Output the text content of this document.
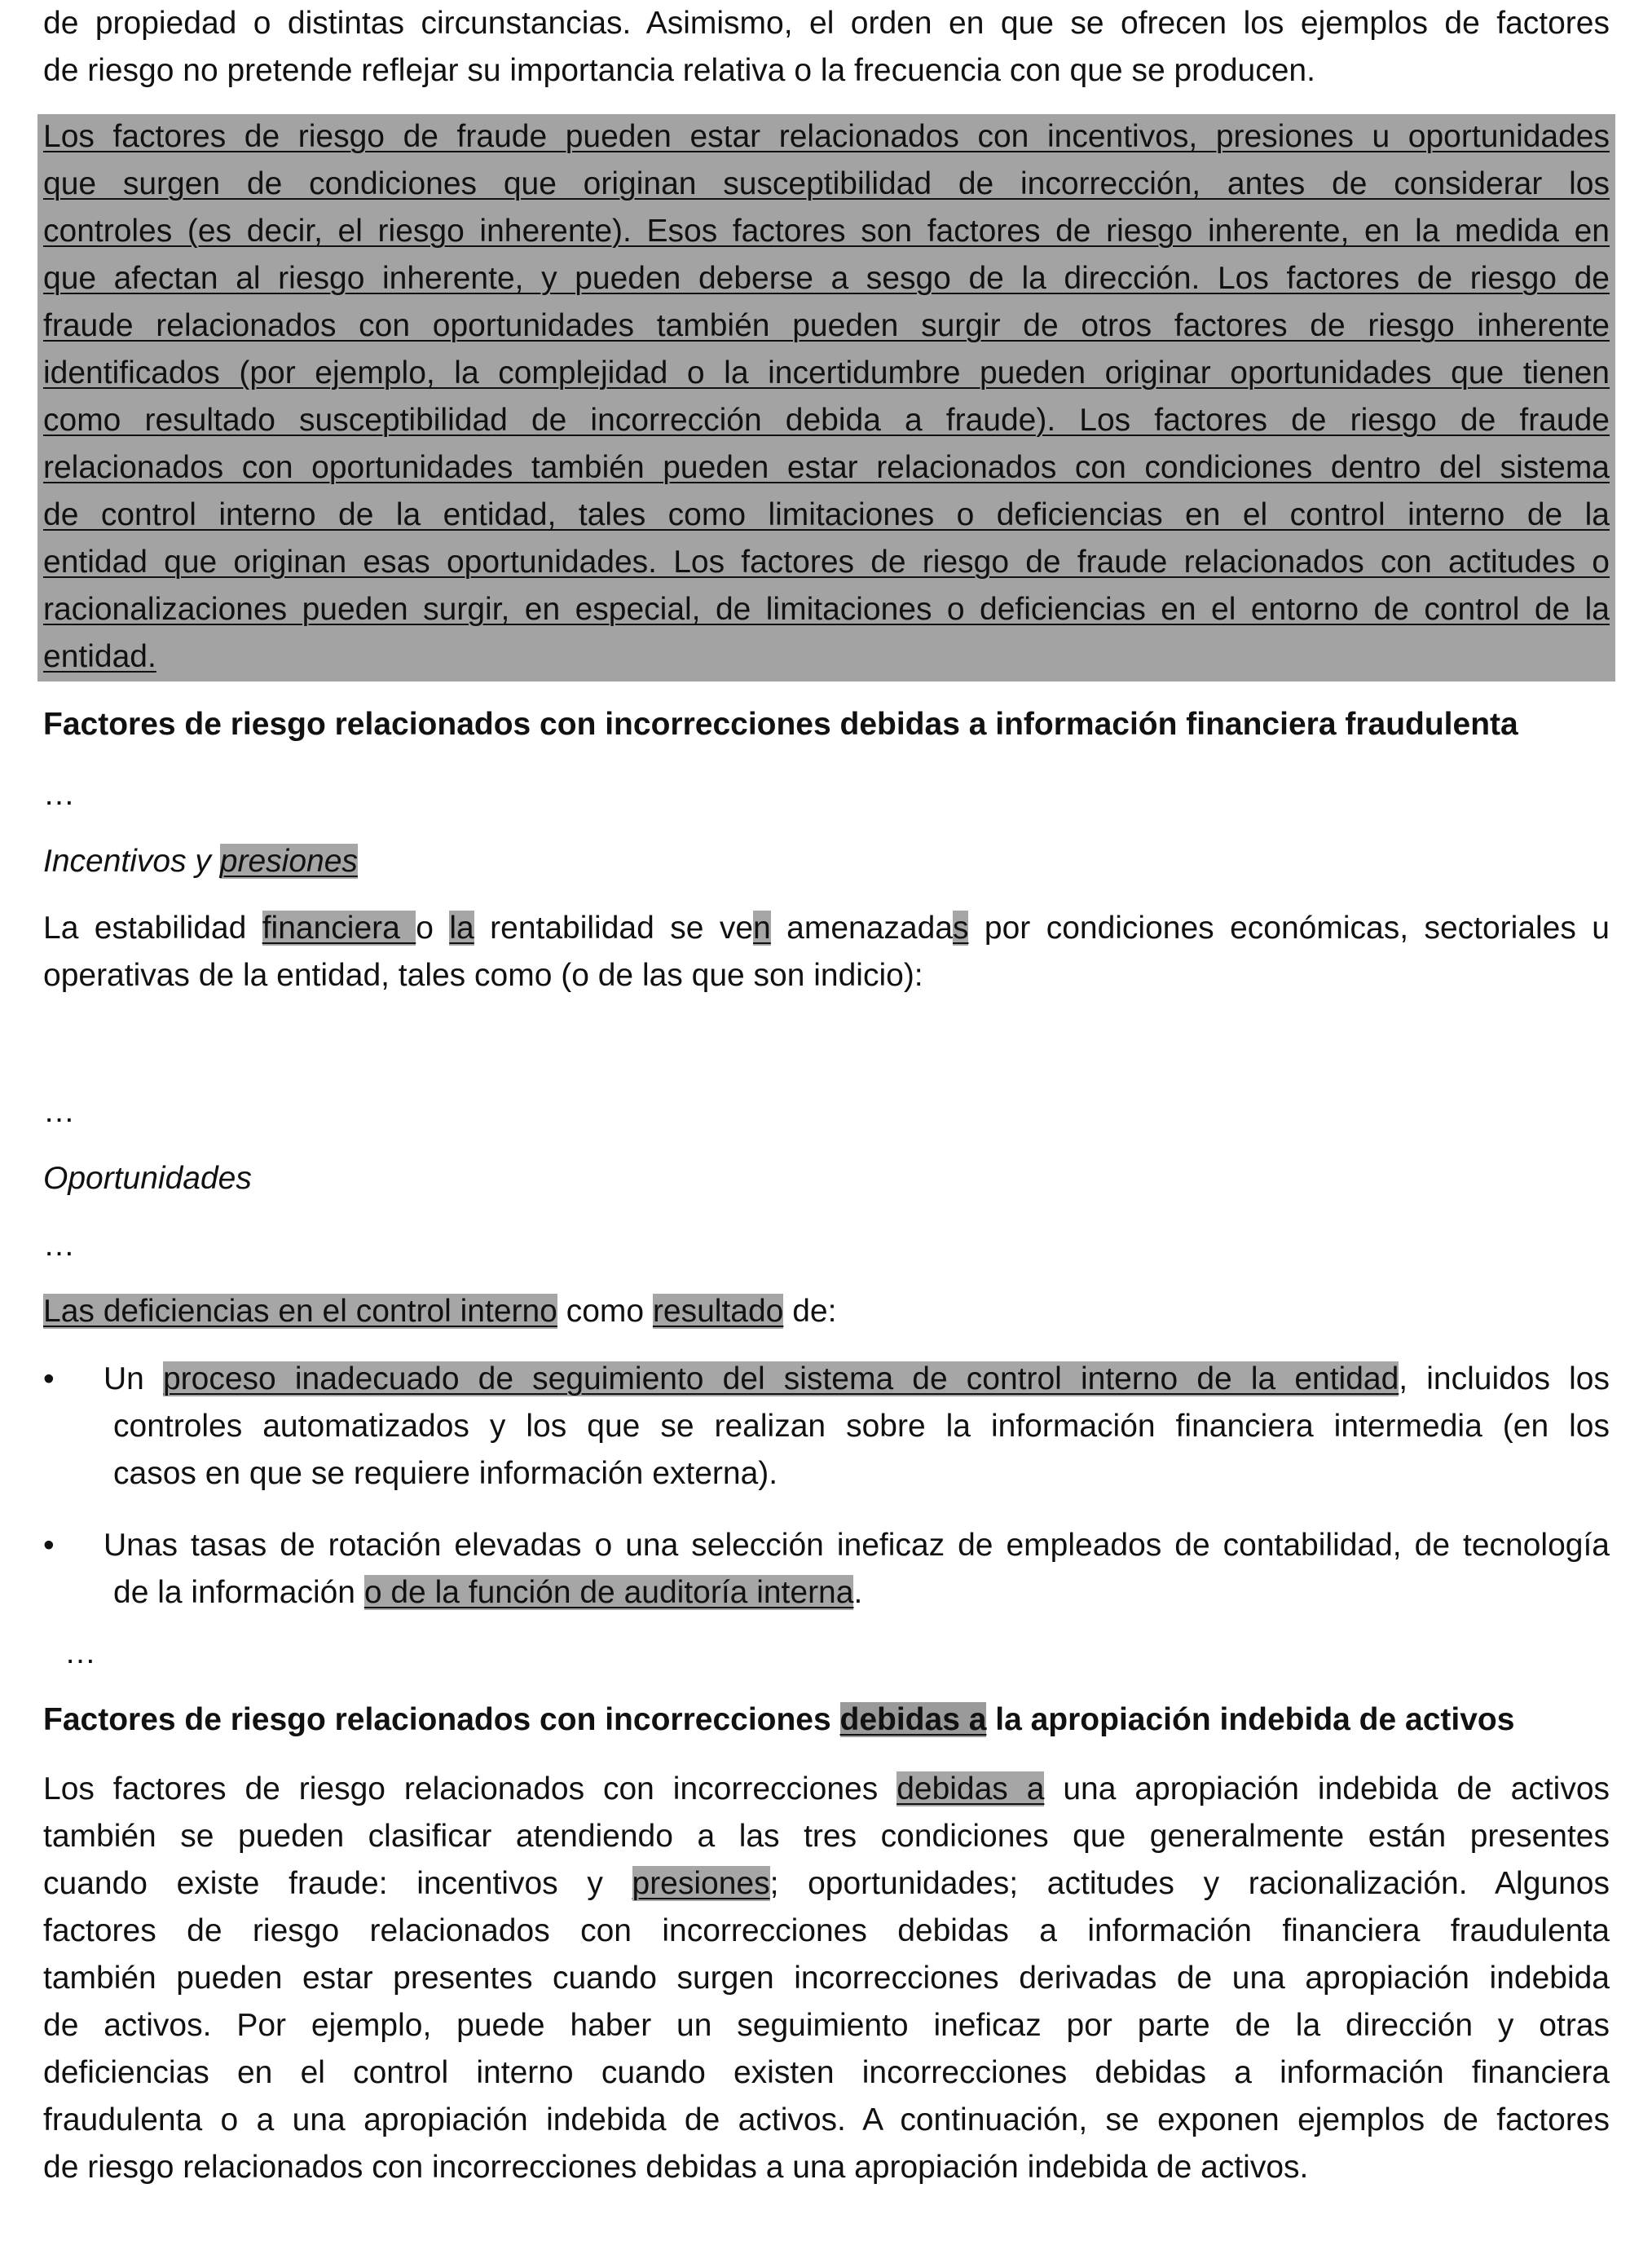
de propiedad o distintas circunstancias. Asimismo, el orden en que se ofrecen los ejemplos de factores
de riesgo no pretende reflejar su importancia relativa o la frecuencia con que se producen.
Los factores de riesgo de fraude pueden estar relacionados con incentivos, presiones u oportunidades
que surgen de condiciones que originan susceptibilidad de incorrección, antes de considerar los
controles (es decir, el riesgo inherente). Esos factores son factores de riesgo inherente, en la medida en
que afectan al riesgo inherente, y pueden deberse a sesgo de la dirección. Los factores de riesgo de
fraude relacionados con oportunidades también pueden surgir de otros factores de riesgo inherente
identificados (por ejemplo, la complejidad o la incertidumbre pueden originar oportunidades que tienen
como resultado susceptibilidad de incorrección debida a fraude). Los factores de riesgo de fraude
relacionados con oportunidades también pueden estar relacionados con condiciones dentro del sistema
de control interno de la entidad, tales como limitaciones o deficiencias en el control interno de la
entidad que originan esas oportunidades. Los factores de riesgo de fraude relacionados con actitudes o
racionalizaciones pueden surgir, en especial, de limitaciones o deficiencias en el entorno de control de la
entidad.
Factores de riesgo relacionados con incorrecciones debidas a información financiera fraudulenta
…
Incentivos y presiones
La estabilidad financiera o la rentabilidad se ven amenazadas por condiciones económicas, sectoriales u
operativas de la entidad, tales como (o de las que son indicio):
…
Oportunidades
…
Las deficiencias en el control interno como resultado de:
• Un proceso inadecuado de seguimiento del sistema de control interno de la entidad, incluidos los
controles automatizados y los que se realizan sobre la información financiera intermedia (en los
casos en que se requiere información externa).
• Unas tasas de rotación elevadas o una selección ineficaz de empleados de contabilidad, de tecnología
de la información o de la función de auditoría interna.
…
Factores de riesgo relacionados con incorrecciones debidas a la apropiación indebida de activos
Los factores de riesgo relacionados con incorrecciones debidas a una apropiación indebida de activos
también se pueden clasificar atendiendo a las tres condiciones que generalmente están presentes
cuando existe fraude: incentivos y presiones; oportunidades; actitudes y racionalización. Algunos
factores de riesgo relacionados con incorrecciones debidas a información financiera fraudulenta
también pueden estar presentes cuando surgen incorrecciones derivadas de una apropiación indebida
de activos. Por ejemplo, puede haber un seguimiento ineficaz por parte de la dirección y otras
deficiencias en el control interno cuando existen incorrecciones debidas a información financiera
fraudulenta o a una apropiación indebida de activos. A continuación, se exponen ejemplos de factores
de riesgo relacionados con incorrecciones debidas a una apropiación indebida de activos.
